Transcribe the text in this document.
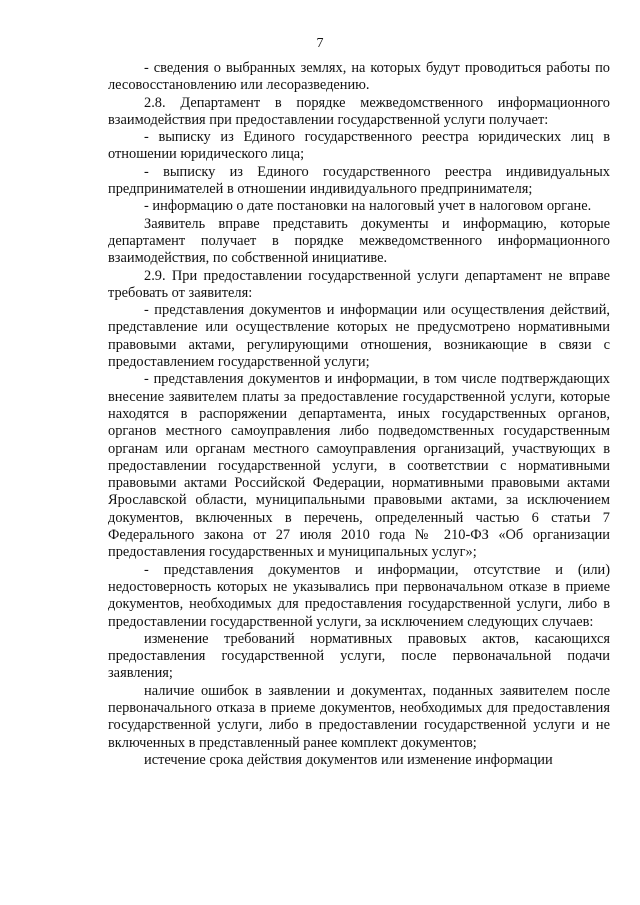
7

- сведения о выбранных землях, на которых будут проводиться работы по лесовосстановлению или лесоразведению.

2.8. Департамент в порядке межведомственного информационного взаимодействия при предоставлении государственной услуги получает:

- выписку из Единого государственного реестра юридических лиц в отношении юридического лица;

- выписку из Единого государственного реестра индивидуальных предпринимателей в отношении индивидуального предпринимателя;

- информацию о дате постановки на налоговый учет в налоговом органе.

Заявитель вправе представить документы и информацию, которые департамент получает в порядке межведомственного информационного взаимодействия, по собственной инициативе.

2.9. При предоставлении государственной услуги департамент не вправе требовать от заявителя:

- представления документов и информации или осуществления действий, представление или осуществление которых не предусмотрено нормативными правовыми актами, регулирующими отношения, возникающие в связи с предоставлением государственной услуги;

- представления документов и информации, в том числе подтверждающих внесение заявителем платы за предоставление государственной услуги, которые находятся в распоряжении департамента, иных государственных органов, органов местного самоуправления либо подведомственных государственным органам или органам местного самоуправления организаций, участвующих в предоставлении государственной услуги, в соответствии с нормативными правовыми актами Российской Федерации, нормативными правовыми актами Ярославской области, муниципальными правовыми актами, за исключением документов, включенных в перечень, определенный частью 6 статьи 7 Федерального закона от 27 июля 2010 года № 210-ФЗ «Об организации предоставления государственных и муниципальных услуг»;

- представления документов и информации, отсутствие и (или) недостоверность которых не указывались при первоначальном отказе в приеме документов, необходимых для предоставления государственной услуги, либо в предоставлении государственной услуги, за исключением следующих случаев:

изменение требований нормативных правовых актов, касающихся предоставления государственной услуги, после первоначальной подачи заявления;

наличие ошибок в заявлении и документах, поданных заявителем после первоначального отказа в приеме документов, необходимых для предоставления государственной услуги, либо в предоставлении государственной услуги и не включенных в представленный ранее комплект документов;

истечение срока действия документов или изменение информации
